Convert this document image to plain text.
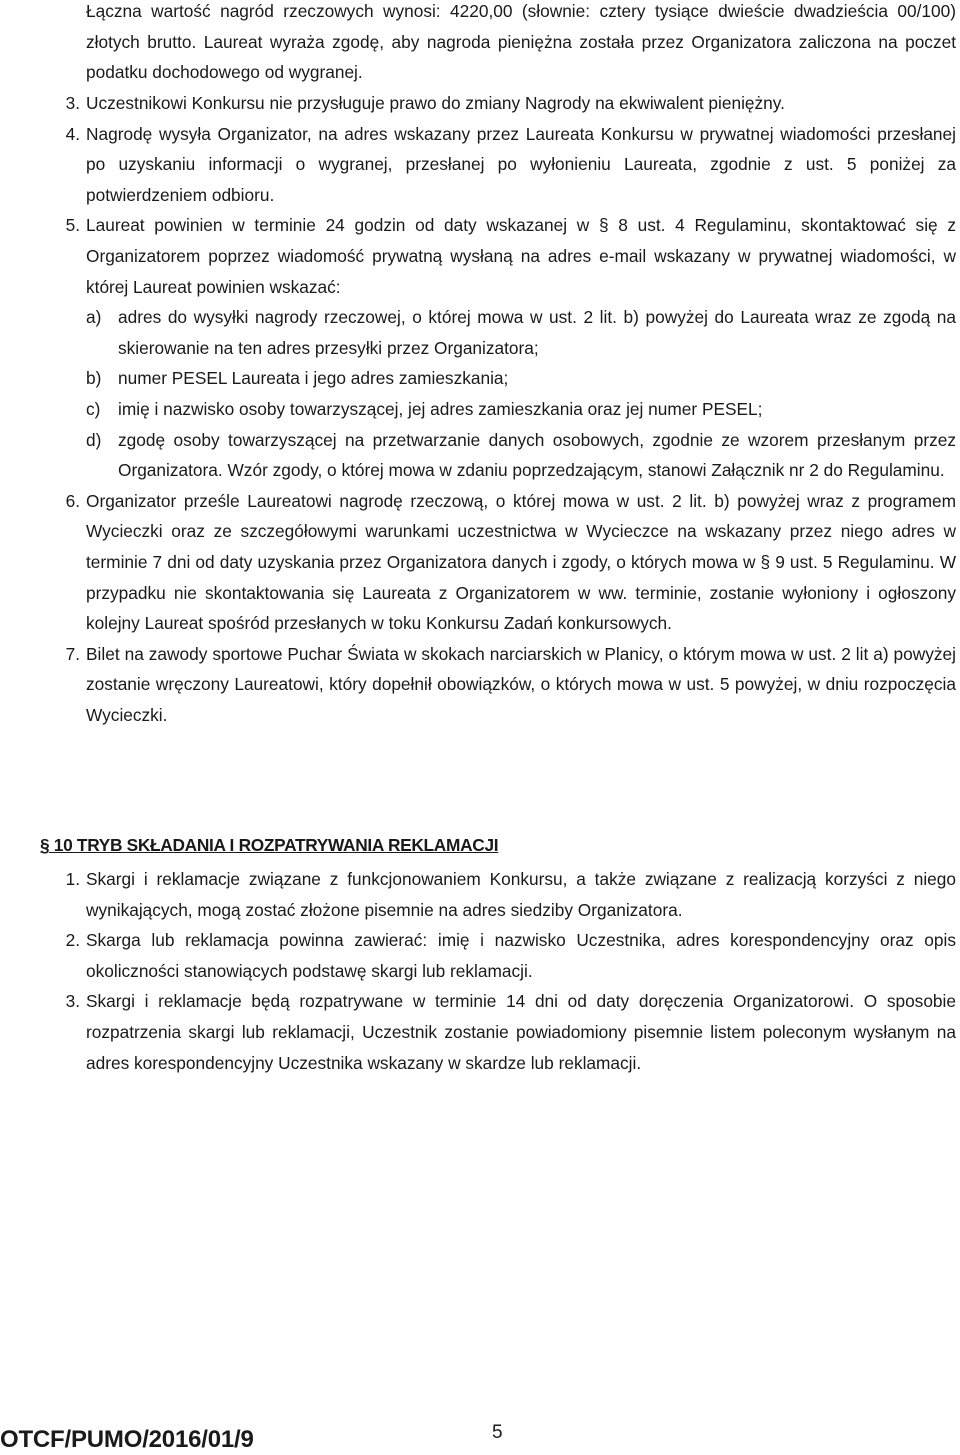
Łączna wartość nagród rzeczowych wynosi: 4220,00 (słownie: cztery tysiące dwieście dwadzieścia 00/100) złotych brutto. Laureat wyraża zgodę, aby nagroda pieniężna została przez Organizatora zaliczona na poczet podatku dochodowego od wygranej.

3. Uczestnikowi Konkursu nie przysługuje prawo do zmiany Nagrody na ekwiwalent pieniężny.
4. Nagrodę wysyła Organizator, na adres wskazany przez Laureata Konkursu w prywatnej wiadomości przesłanej po uzyskaniu informacji o wygranej, przesłanej po wyłonieniu Laureata, zgodnie z ust. 5 poniżej za potwierdzeniem odbioru.
5. Laureat powinien w terminie 24 godzin od daty wskazanej w § 8 ust. 4 Regulaminu, skontaktować się z Organizatorem poprzez wiadomość prywatną wysłaną na adres e-mail wskazany w prywatnej wiadomości, w której Laureat powinien wskazać:
a) adres do wysyłki nagrody rzeczowej, o której mowa w ust. 2 lit. b) powyżej do Laureata wraz ze zgodą na skierowanie na ten adres przesyłki przez Organizatora;
b) numer PESEL Laureata i jego adres zamieszkania;
c) imię i nazwisko osoby towarzyszącej, jej adres zamieszkania oraz jej numer PESEL;
d) zgodę osoby towarzyszącej na przetwarzanie danych osobowych, zgodnie ze wzorem przesłanym przez Organizatora. Wzór zgody, o której mowa w zdaniu poprzedzającym, stanowi Załącznik nr 2 do Regulaminu.
6. Organizator prześle Laureatowi nagrodę rzeczową, o której mowa w ust. 2 lit. b) powyżej wraz z programem Wycieczki oraz ze szczegółowymi warunkami uczestnictwa w Wycieczce na wskazany przez niego adres w terminie 7 dni od daty uzyskania przez Organizatora danych i zgody, o których mowa w § 9 ust. 5 Regulaminu. W przypadku nie skontaktowania się Laureata z Organizatorem w ww. terminie, zostanie wyłoniony i ogłoszony kolejny Laureat spośród przesłanych w toku Konkursu Zadań konkursowych.
7. Bilet na zawody sportowe Puchar Świata w skokach narciarskich w Planicy, o którym mowa w ust. 2 lit a) powyżej zostanie wręczony Laureatowi, który dopełnił obowiązków, o których mowa w ust. 5 powyżej, w dniu rozpoczęcia Wycieczki.
§ 10 TRYB SKŁADANIA I ROZPATRYWANIA REKLAMACJI
1. Skargi i reklamacje związane z funkcjonowaniem Konkursu, a także związane z realizacją korzyści z niego wynikających, mogą zostać złożone pisemnie na adres siedziby Organizatora.
2. Skarga lub reklamacja powinna zawierać: imię i nazwisko Uczestnika, adres korespondencyjny oraz opis okoliczności stanowiących podstawę skargi lub reklamacji.
3. Skargi i reklamacje będą rozpatrywane w terminie 14 dni od daty doręczenia Organizatorowi. O sposobie rozpatrzenia skargi lub reklamacji, Uczestnik zostanie powiadomiony pisemnie listem poleconym wysłanym na adres korespondencyjny Uczestnika wskazany w skardze lub reklamacji.
OTCF/PUMO/2016/01/9	5
